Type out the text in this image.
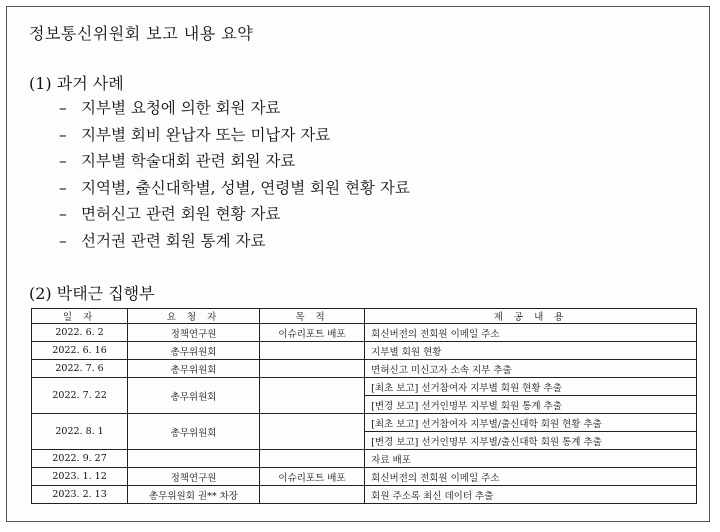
정보통신위원회 보고 내용 요약
(1) 과거 사례
– 지부별 요청에 의한 회원 자료
– 지부별 회비 완납자 또는 미납자 자료
– 지부별 학술대회 관련 회원 자료
– 지역별, 출신대학별, 성별, 연령별 회원 현황 자료
– 면허신고 관련 회원 현황 자료
– 선거권 관련 회원 통계 자료
(2) 박태근 집행부
일 자	요 청 자	목 적	제 공 내 용
2022. 6. 2	정책연구원	이슈리포트 배포	회신버전의 전회원 이메일 주소
2022. 6. 16	총무위원회		지부별 회원 현황
2022. 7. 6	총무위원회		면허신고 미신고자 소속 지부 추출
2022. 7. 22	총무위원회		[최초 보고] 선거참여자 지부별 회원 현황 추출
			[변경 보고] 선거인명부 지부별 회원 통계 추출
2022. 8. 1	총무위원회		[최초 보고] 선거참여자 지부별/출신대학 회원 현황 추출
			[변경 보고] 선거인명부 지부별/출신대학 회원 통계 추출
2022. 9. 27			자료 배포
2023. 1. 12	정책연구원	이슈리포트 배포	회신버전의 전회원 이메일 주소
2023. 2. 13	총무위원회 권** 차장		회원 주소록 최신 데이터 추출
